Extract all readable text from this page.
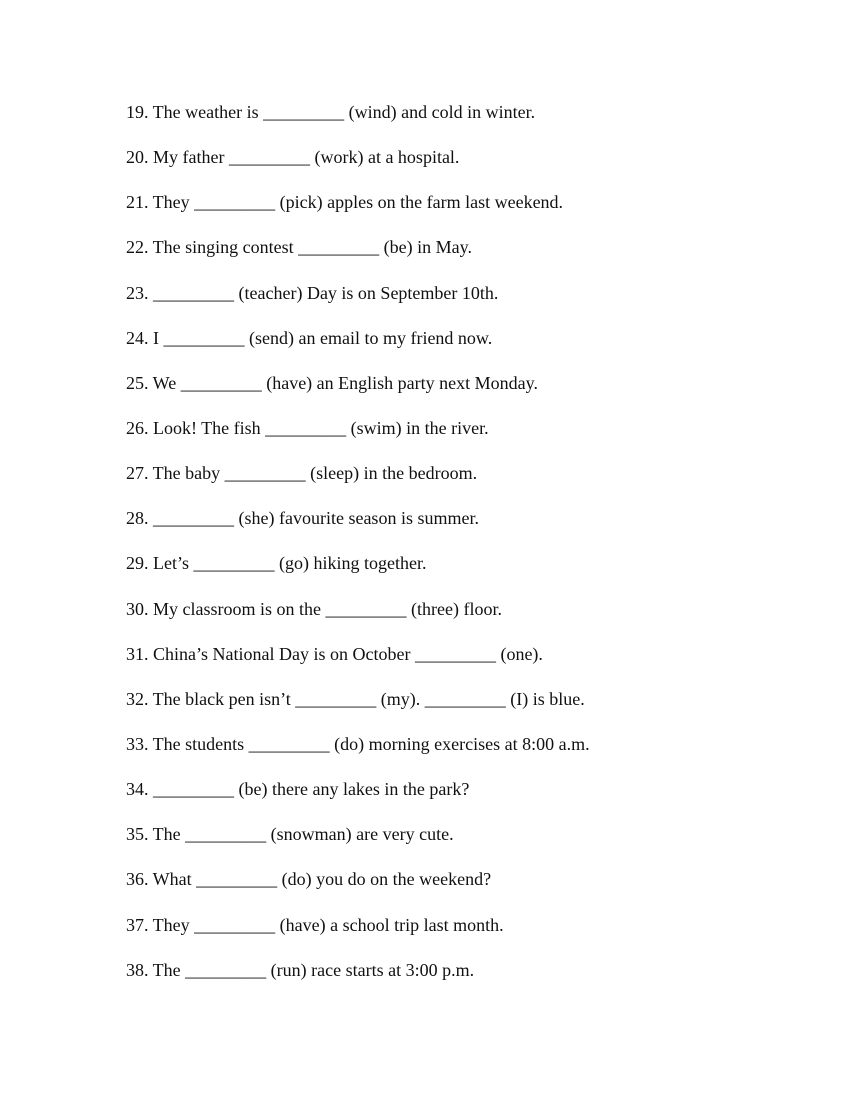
19. The weather is _________ (wind) and cold in winter.
20. My father _________ (work) at a hospital.
21. They _________ (pick) apples on the farm last weekend.
22. The singing contest _________ (be) in May.
23. _________ (teacher) Day is on September 10th.
24. I _________ (send) an email to my friend now.
25. We _________ (have) an English party next Monday.
26. Look! The fish _________ (swim) in the river.
27. The baby _________ (sleep) in the bedroom.
28. _________ (she) favourite season is summer.
29. Let’s _________ (go) hiking together.
30. My classroom is on the _________ (three) floor.
31. China’s National Day is on October _________ (one).
32. The black pen isn’t _________ (my). _________ (I) is blue.
33. The students _________ (do) morning exercises at 8:00 a.m.
34. _________ (be) there any lakes in the park?
35. The _________ (snowman) are very cute.
36. What _________ (do) you do on the weekend?
37. They _________ (have) a school trip last month.
38. The _________ (run) race starts at 3:00 p.m.
